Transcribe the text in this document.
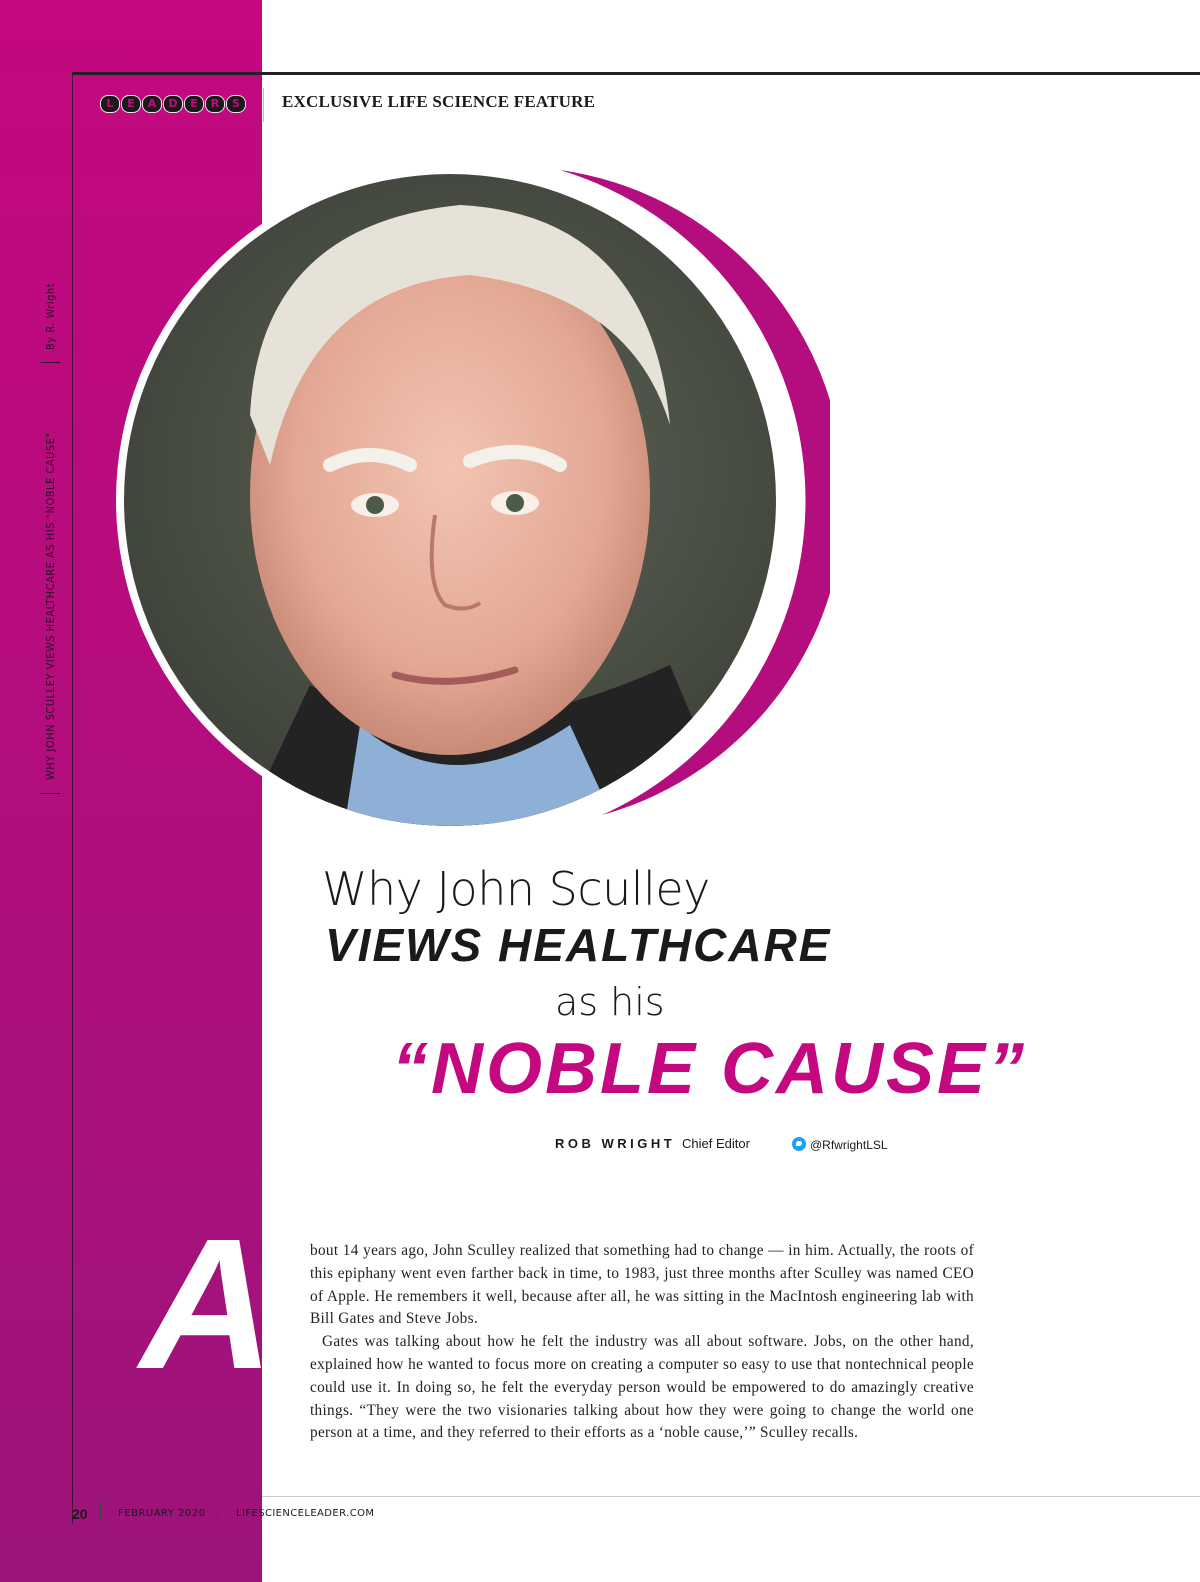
L	E	A	D	E	R	S	EXCLUSIVE LIFE SCIENCE FEATURE
By R. Wright
WHY JOHN SCULLEY VIEWS HEALTHCARE AS HIS "NOBLE CAUSE"
Why John Sculley
VIEWS HEALTHCARE
as his
“NOBLE CAUSE”
ROB WRIGHT Chief Editor	@RfwrightLSL
A bout 14 years ago, John Sculley realized that something had to change — in him. Actually, the roots of this epiphany went even farther back in time, to 1983, just three months after Sculley was named CEO of Apple. He remembers it well, because after all, he was sitting in the MacIntosh engineering lab with Bill Gates and Steve Jobs.

Gates was talking about how he felt the industry was all about software. Jobs, on the other hand, explained how he wanted to focus more on creating a computer so easy to use that nontechnical people could use it. In doing so, he felt the everyday person would be empowered to do amazingly creative things. “They were the two visionaries talking about how they were going to change the world one person at a time, and they referred to their efforts as a ‘noble cause,’” Sculley recalls.

20	FEBRUARY 2020	LIFESCIENCELEADER.COM
